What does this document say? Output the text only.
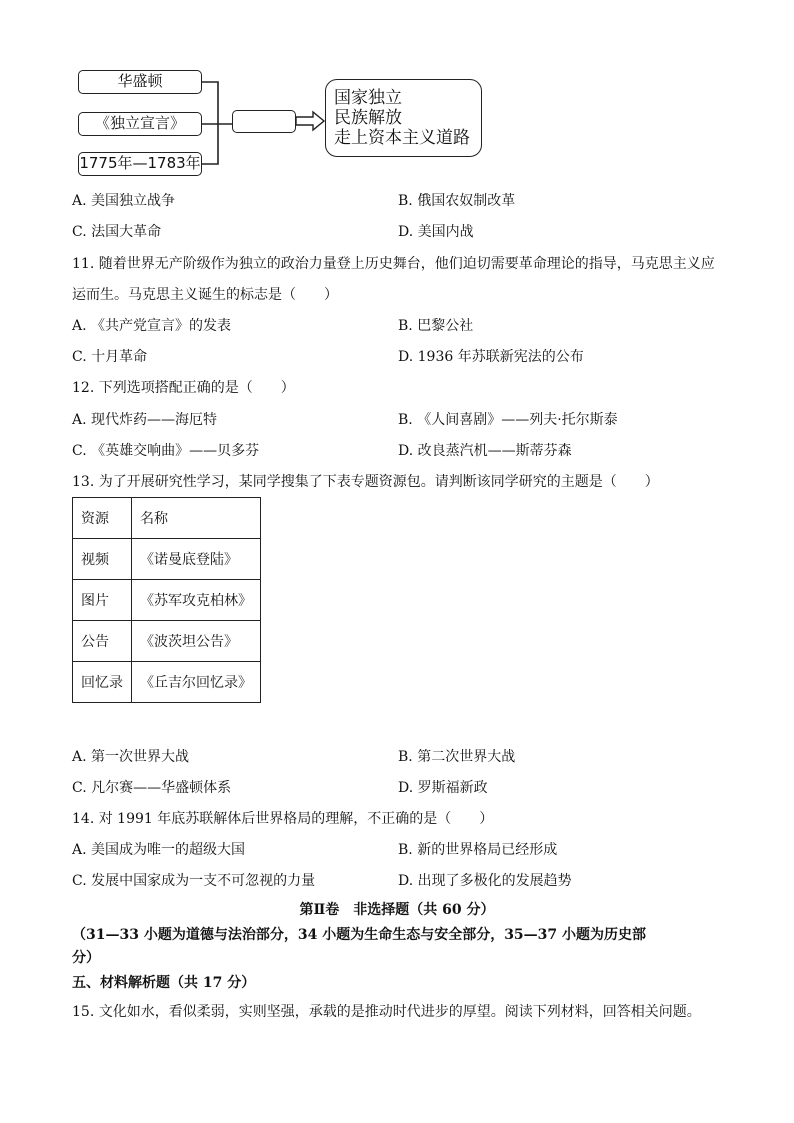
华盛顿
《独立宣言》
1775年—1783年
国家独立
民族解放
走上资本主义道路
A. 美国独立战争	B. 俄国农奴制改革
C. 法国大革命	D. 美国内战
11. 随着世界无产阶级作为独立的政治力量登上历史舞台，他们迫切需要革命理论的指导，马克思主义应
运而生。马克思主义诞生的标志是（　　）
A. 《共产党宣言》的发表	B. 巴黎公社
C. 十月革命	D. 1936 年苏联新宪法的公布
12. 下列选项搭配正确的是（　　）
A. 现代炸药——海厄特	B. 《人间喜剧》——列夫·托尔斯泰
C. 《英雄交响曲》——贝多芬	D. 改良蒸汽机——斯蒂芬森
13. 为了开展研究性学习，某同学搜集了下表专题资源包。请判断该同学研究的主题是（　　）
资源	名称
视频	《诺曼底登陆》
图片	《苏军攻克柏林》
公告	《波茨坦公告》
回忆录	《丘吉尔回忆录》
A. 第一次世界大战	B. 第二次世界大战
C. 凡尔赛——华盛顿体系	D. 罗斯福新政
14. 对 1991 年底苏联解体后世界格局的理解，不正确的是（　　）
A. 美国成为唯一的超级大国	B. 新的世界格局已经形成
C. 发展中国家成为一支不可忽视的力量	D. 出现了多极化的发展趋势
第Ⅱ卷　非选择题（共 60 分）
（31—33 小题为道德与法治部分，34 小题为生命生态与安全部分，35—37 小题为历史部
分）
五、材料解析题（共 17 分）
15. 文化如水，看似柔弱，实则坚强，承载的是推动时代进步的厚望。阅读下列材料，回答相关问题。
